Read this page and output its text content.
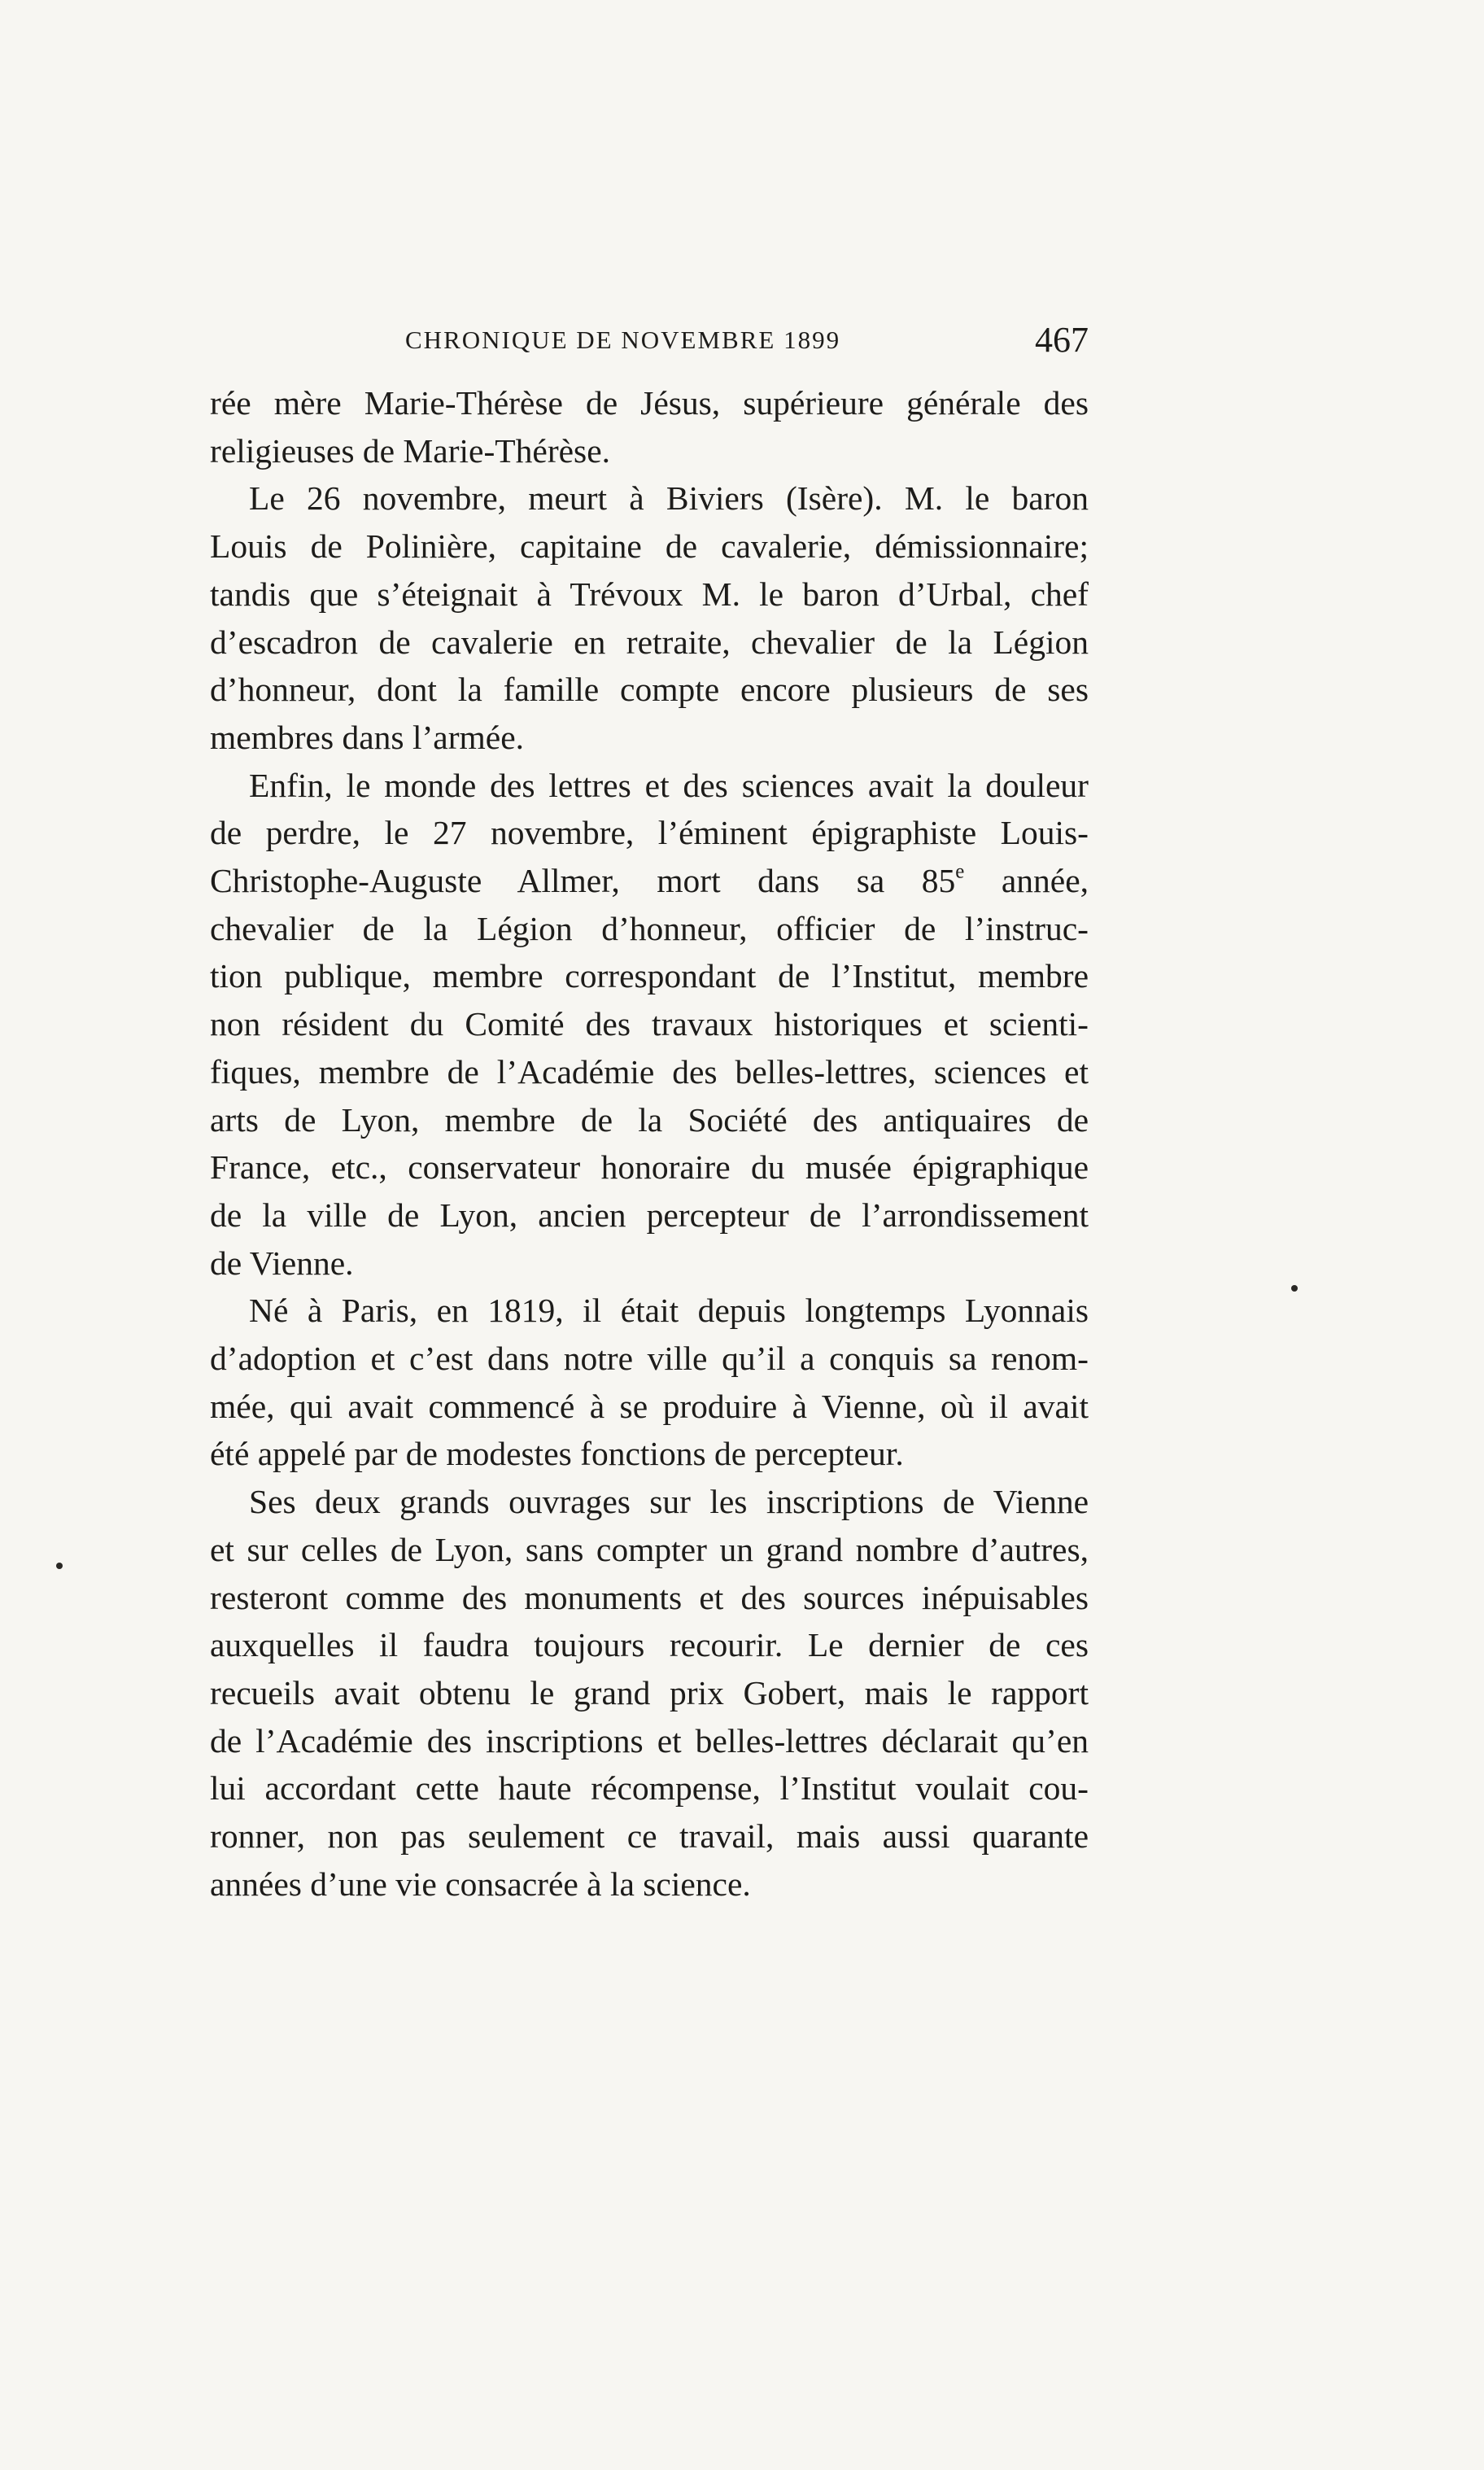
CHRONIQUE DE NOVEMBRE 1899	467

rée mère Marie-Thérèse de Jésus, supérieure générale des
religieuses de Marie-Thérèse.

Le 26 novembre, meurt à Biviers (Isère). M. le baron
Louis de Polinière, capitaine de cavalerie, démissionnaire;
tandis que s’éteignait à Trévoux M. le baron d’Urbal, chef
d’escadron de cavalerie en retraite, chevalier de la Légion
d’honneur, dont la famille compte encore plusieurs de ses
membres dans l’armée.

Enfin, le monde des lettres et des sciences avait la douleur
de perdre, le 27 novembre, l’éminent épigraphiste Louis-
Christophe-Auguste Allmer, mort dans sa 85e année,
chevalier de la Légion d’honneur, officier de l’instruc-
tion publique, membre correspondant de l’Institut, membre
non résident du Comité des travaux historiques et scienti-
fiques, membre de l’Académie des belles-lettres, sciences et
arts de Lyon, membre de la Société des antiquaires de
France, etc., conservateur honoraire du musée épigraphique
de la ville de Lyon, ancien percepteur de l’arrondissement
de Vienne.

Né à Paris, en 1819, il était depuis longtemps Lyonnais
d’adoption et c’est dans notre ville qu’il a conquis sa renom-
mée, qui avait commencé à se produire à Vienne, où il avait
été appelé par de modestes fonctions de percepteur.

Ses deux grands ouvrages sur les inscriptions de Vienne
et sur celles de Lyon, sans compter un grand nombre d’autres,
resteront comme des monuments et des sources inépuisables
auxquelles il faudra toujours recourir. Le dernier de ces
recueils avait obtenu le grand prix Gobert, mais le rapport
de l’Académie des inscriptions et belles-lettres déclarait qu’en
lui accordant cette haute récompense, l’Institut voulait cou-
ronner, non pas seulement ce travail, mais aussi quarante
années d’une vie consacrée à la science.
